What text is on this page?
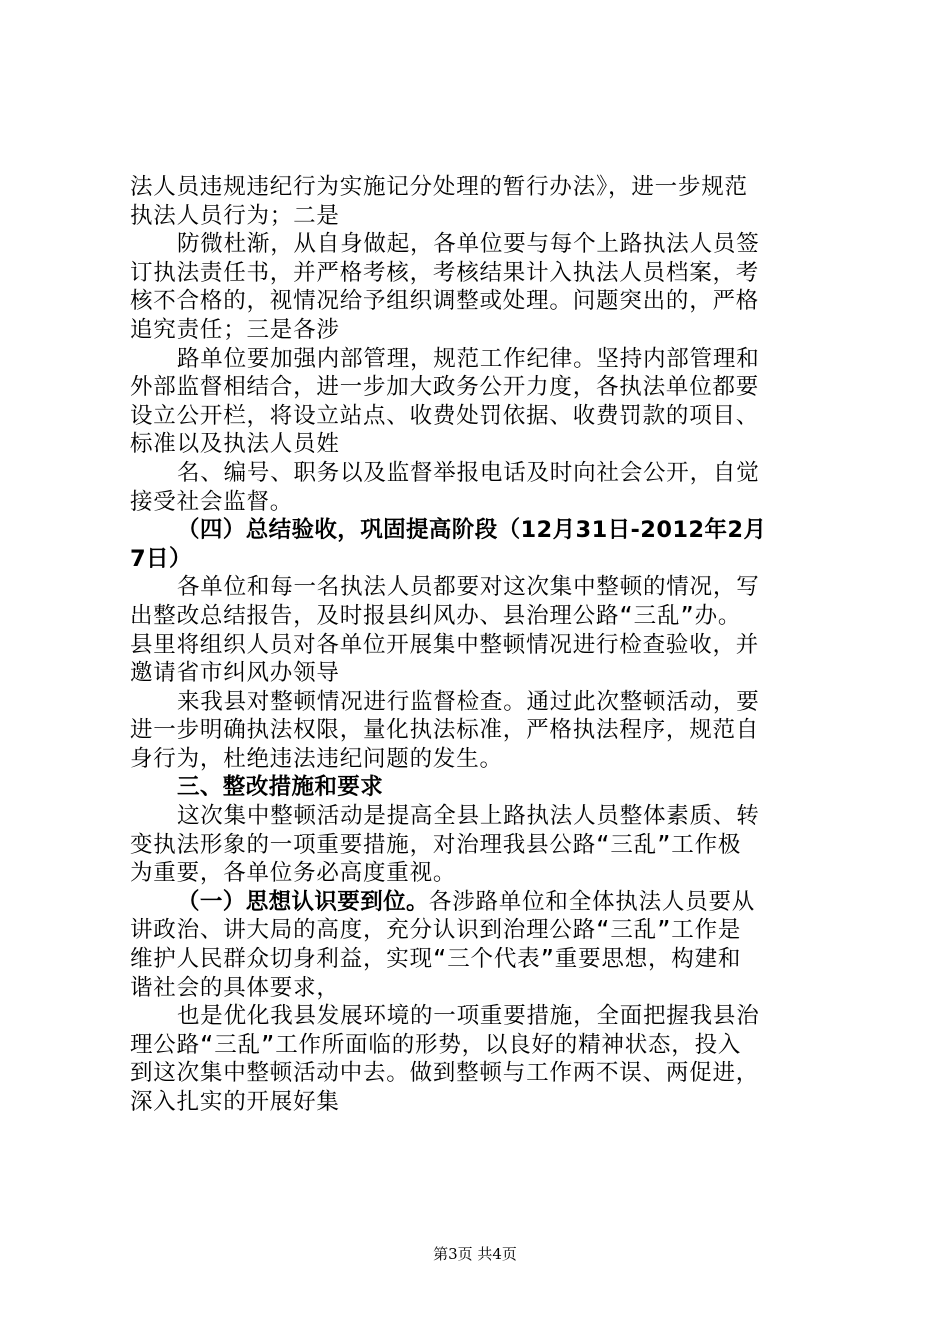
法人员违规违纪行为实施记分处理的暂行办法》，进一步规范
执法人员行为；二是
防微杜渐，从自身做起，各单位要与每个上路执法人员签
订执法责任书，并严格考核，考核结果计入执法人员档案，考
核不合格的，视情况给予组织调整或处理。问题突出的，严格
追究责任；三是各涉
路单位要加强内部管理，规范工作纪律。坚持内部管理和
外部监督相结合，进一步加大政务公开力度，各执法单位都要
设立公开栏，将设立站点、收费处罚依据、收费罚款的项目、
标准以及执法人员姓
名、编号、职务以及监督举报电话及时向社会公开，自觉
接受社会监督。
（四）总结验收，巩固提高阶段（12月31日-2012年2月
7日）
各单位和每一名执法人员都要对这次集中整顿的情况，写
出整改总结报告，及时报县纠风办、县治理公路“三乱”办。
县里将组织人员对各单位开展集中整顿情况进行检查验收，并
邀请省市纠风办领导
来我县对整顿情况进行监督检查。通过此次整顿活动，要
进一步明确执法权限，量化执法标准，严格执法程序，规范自
身行为，杜绝违法违纪问题的发生。
三、整改措施和要求
这次集中整顿活动是提高全县上路执法人员整体素质、转
变执法形象的一项重要措施，对治理我县公路“三乱”工作极
为重要，各单位务必高度重视。
（一）思想认识要到位。各涉路单位和全体执法人员要从
讲政治、讲大局的高度，充分认识到治理公路“三乱”工作是
维护人民群众切身利益，实现“三个代表”重要思想，构建和
谐社会的具体要求，
也是优化我县发展环境的一项重要措施，全面把握我县治
理公路“三乱”工作所面临的形势，以良好的精神状态，投入
到这次集中整顿活动中去。做到整顿与工作两不误、两促进，
深入扎实的开展好集
第3页 共4页
